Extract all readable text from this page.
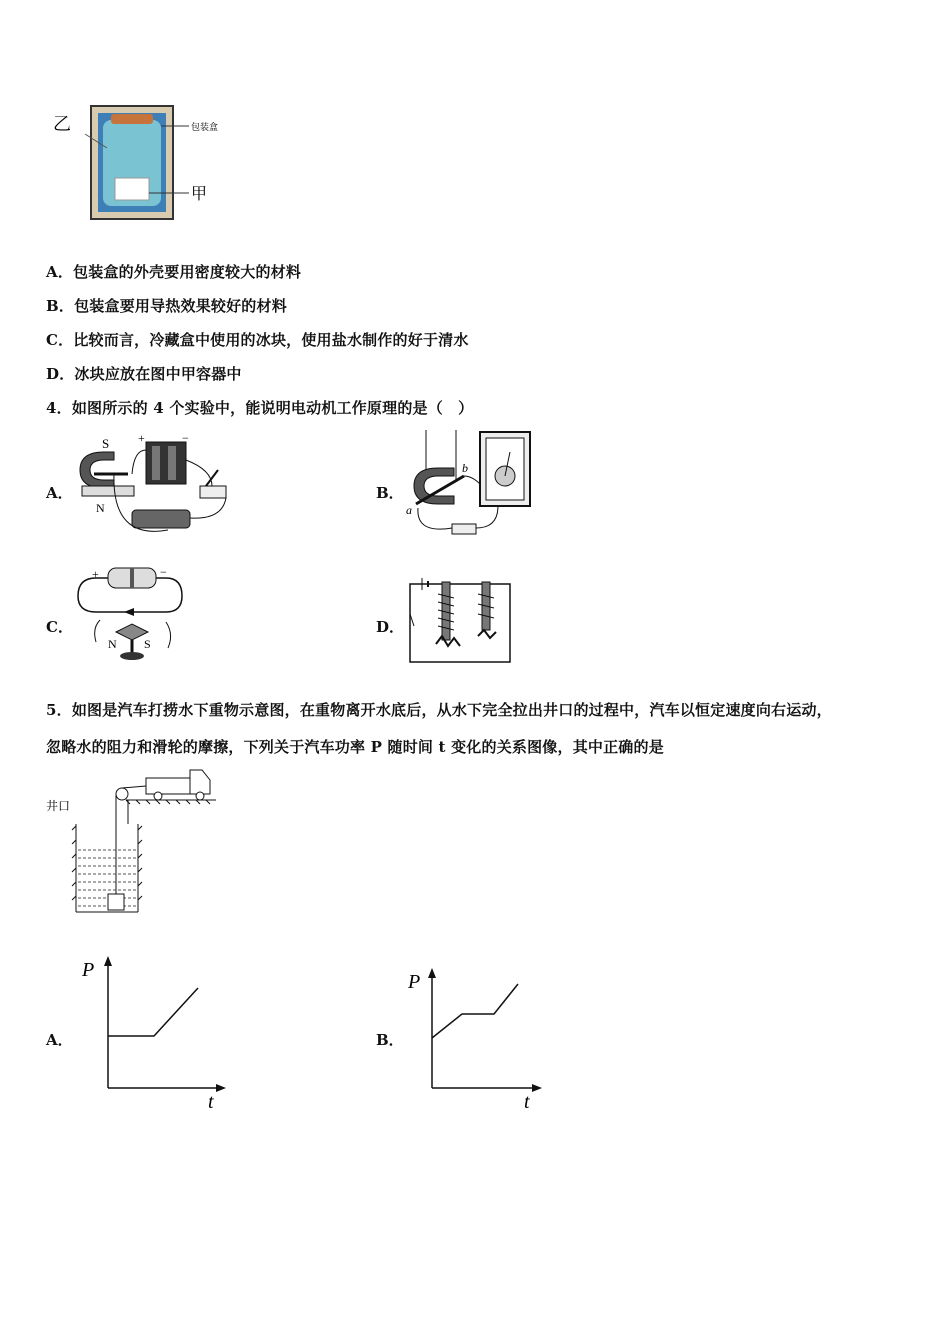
乙	包装盒
甲
A．包装盒的外壳要用密度较大的材料
B．包装盒要用导热效果较好的材料
C．比较而言，冷藏盒中使用的冰块，使用盐水制作的好于清水
D．冰块应放在图中甲容器中
4．如图所示的 4 个实验中，能说明电动机工作原理的是（　）
A．
S
N
+	−
B．
a
b
C．
+	−
N S
D．
5．如图是汽车打捞水下重物示意图，在重物离开水底后，从水下完全拉出井口的过程中，汽车以恒定速度向右运动，
忽略水的阻力和滑轮的摩擦，下列关于汽车功率 P 随时间 t 变化的关系图像，其中正确的是
井口
A．
P
t
B．
P
t
